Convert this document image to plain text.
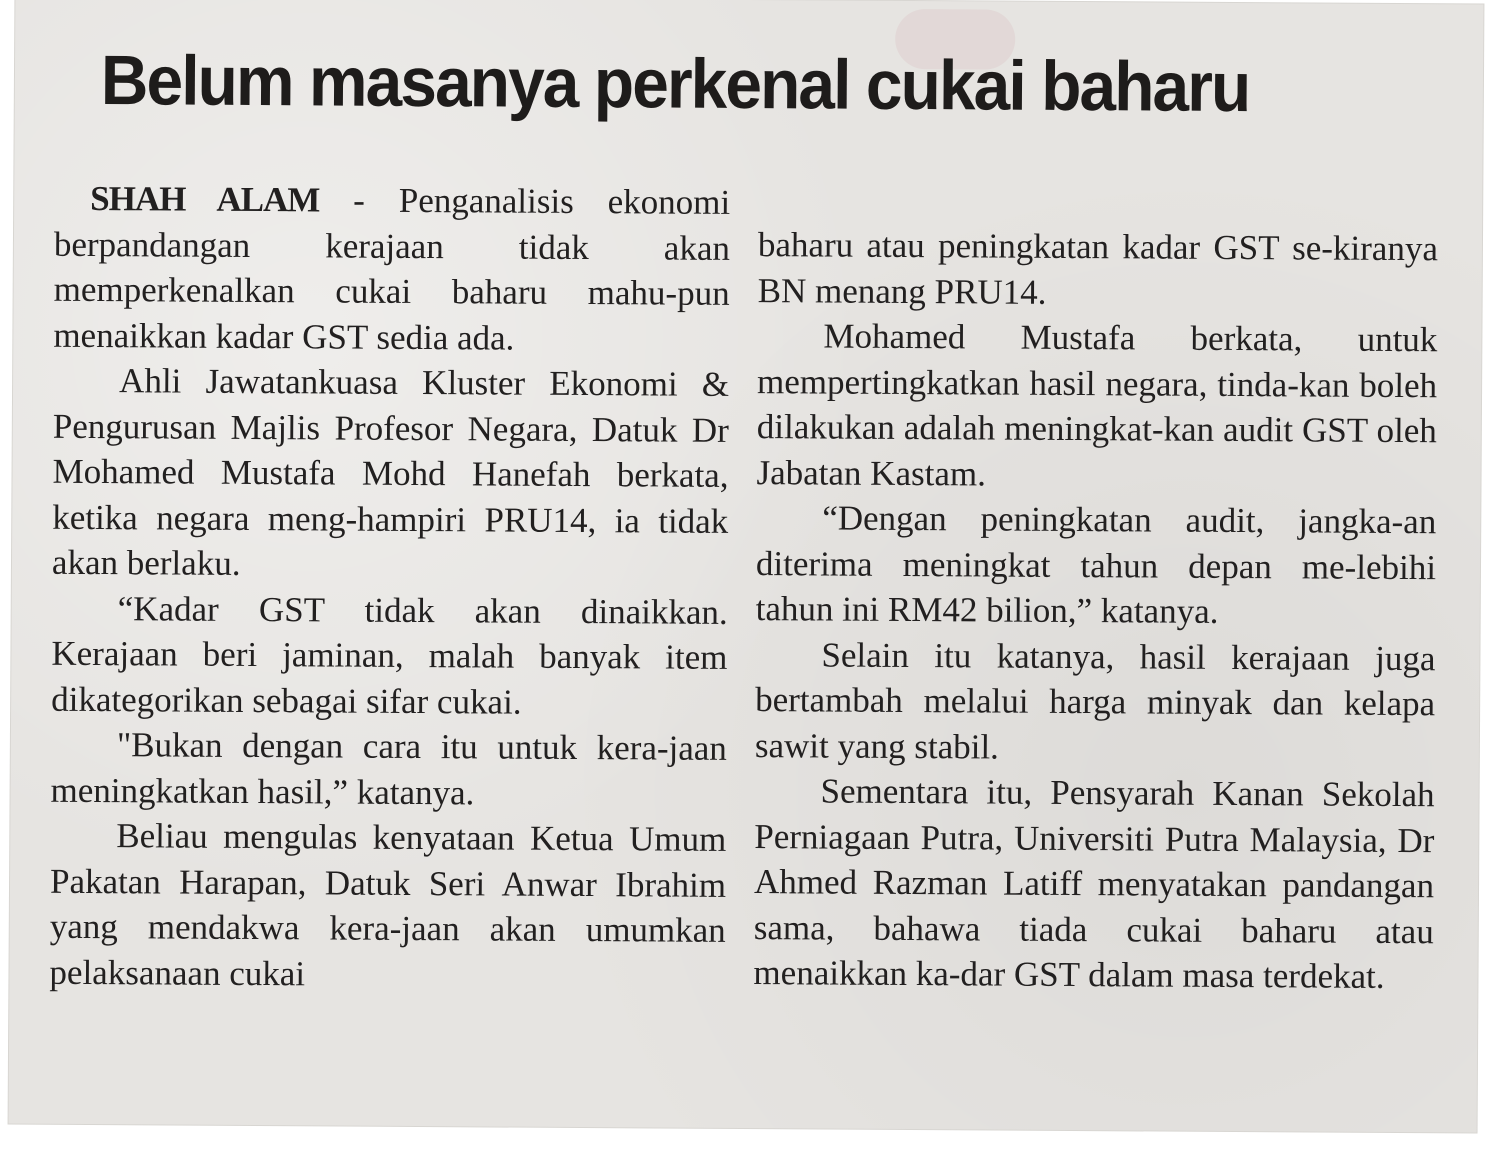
Belum masanya perkenal cukai baharu

SHAH ALAM - Penganalisis ekonomi berpandangan kerajaan tidak akan memperkenalkan cukai baharu mahu-pun menaikkan kadar GST sedia ada.

Ahli Jawatankuasa Kluster Ekonomi & Pengurusan Majlis Profesor Negara, Datuk Dr Mohamed Mustafa Mohd Hanefah berkata, ketika negara meng-hampiri PRU14, ia tidak akan berlaku.

“Kadar GST tidak akan dinaikkan. Kerajaan beri jaminan, malah banyak item dikategorikan sebagai sifar cukai.

"Bukan dengan cara itu untuk kera-jaan meningkatkan hasil,” katanya.

Beliau mengulas kenyataan Ketua Umum Pakatan Harapan, Datuk Seri Anwar Ibrahim yang mendakwa kera-jaan akan umumkan pelaksanaan cukai

baharu atau peningkatan kadar GST se-kiranya BN menang PRU14.

Mohamed Mustafa berkata, untuk mempertingkatkan hasil negara, tinda-kan boleh dilakukan adalah meningkat-kan audit GST oleh Jabatan Kastam.

“Dengan peningkatan audit, jangka-an diterima meningkat tahun depan me-lebihi tahun ini RM42 bilion,” katanya.

Selain itu katanya, hasil kerajaan juga bertambah melalui harga minyak dan kelapa sawit yang stabil.

Sementara itu, Pensyarah Kanan Sekolah Perniagaan Putra, Universiti Putra Malaysia, Dr Ahmed Razman Latiff menyatakan pandangan sama, bahawa tiada cukai baharu atau menaikkan ka-dar GST dalam masa terdekat.
